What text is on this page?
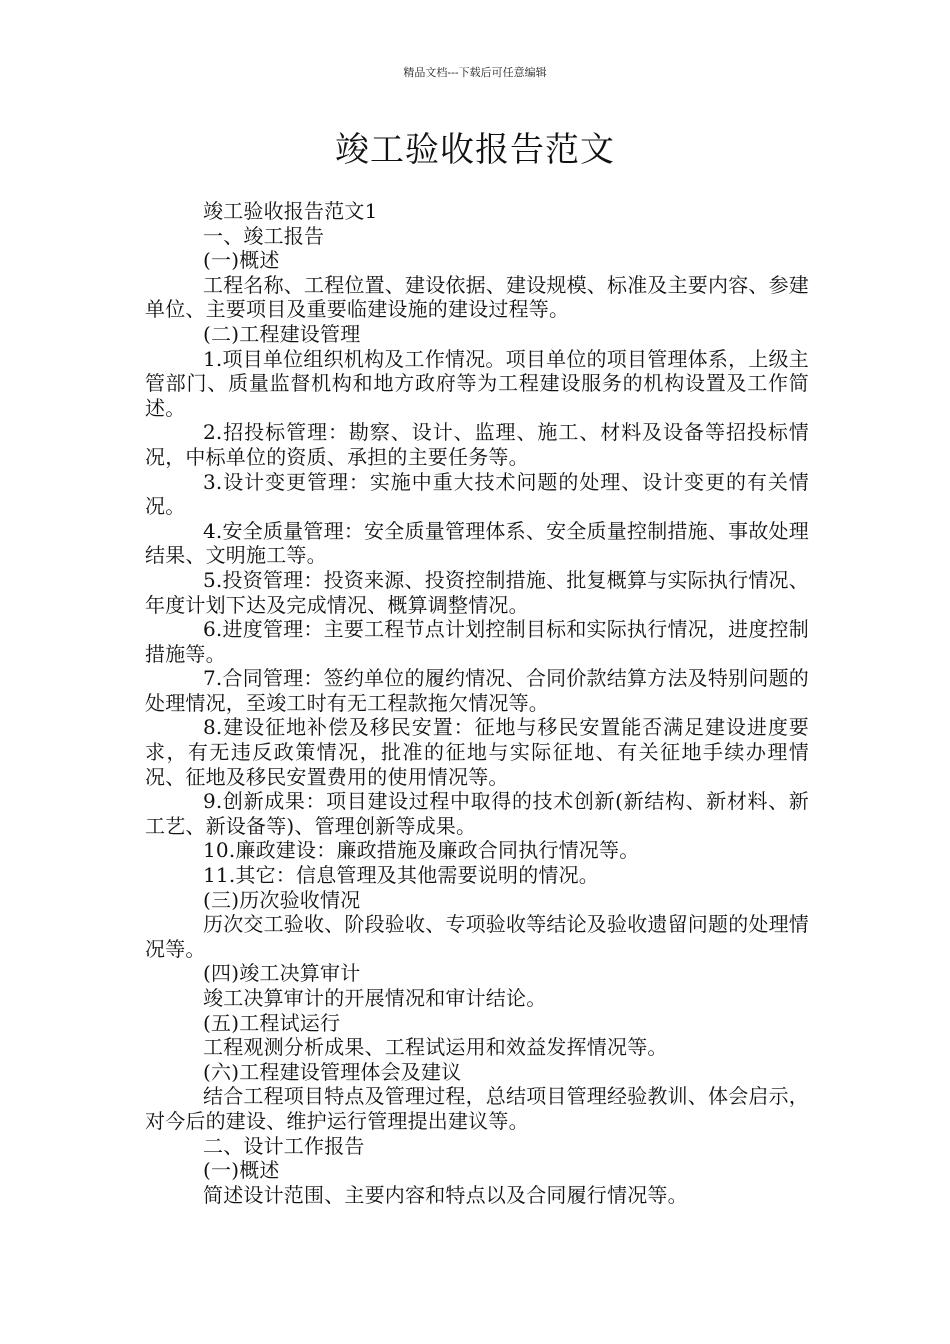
精品文档---下载后可任意编辑
竣工验收报告范文

竣工验收报告范文1

一、竣工报告

(一)概述

工程名称、工程位置、建设依据、建设规模、标准及主要内容、参建单位、主要项目及重要临建设施的建设过程等。

(二)工程建设管理

1.项目单位组织机构及工作情况。项目单位的项目管理体系，上级主管部门、质量监督机构和地方政府等为工程建设服务的机构设置及工作简述。

2.招投标管理：勘察、设计、监理、施工、材料及设备等招投标情况，中标单位的资质、承担的主要任务等。

3.设计变更管理：实施中重大技术问题的处理、设计变更的有关情况。

4.安全质量管理：安全质量管理体系、安全质量控制措施、事故处理结果、文明施工等。

5.投资管理：投资来源、投资控制措施、批复概算与实际执行情况、年度计划下达及完成情况、概算调整情况。

6.进度管理：主要工程节点计划控制目标和实际执行情况，进度控制措施等。

7.合同管理：签约单位的履约情况、合同价款结算方法及特别问题的处理情况，至竣工时有无工程款拖欠情况等。

8.建设征地补偿及移民安置：征地与移民安置能否满足建设进度要求，有无违反政策情况，批准的征地与实际征地、有关征地手续办理情况、征地及移民安置费用的使用情况等。

9.创新成果：项目建设过程中取得的技术创新(新结构、新材料、新工艺、新设备等)、管理创新等成果。

10.廉政建设：廉政措施及廉政合同执行情况等。

11.其它：信息管理及其他需要说明的情况。

(三)历次验收情况

历次交工验收、阶段验收、专项验收等结论及验收遗留问题的处理情况等。

(四)竣工决算审计

竣工决算审计的开展情况和审计结论。

(五)工程试运行

工程观测分析成果、工程试运用和效益发挥情况等。

(六)工程建设管理体会及建议

结合工程项目特点及管理过程，总结项目管理经验教训、体会启示，对今后的建设、维护运行管理提出建议等。

二、设计工作报告

(一)概述

简述设计范围、主要内容和特点以及合同履行情况等。
